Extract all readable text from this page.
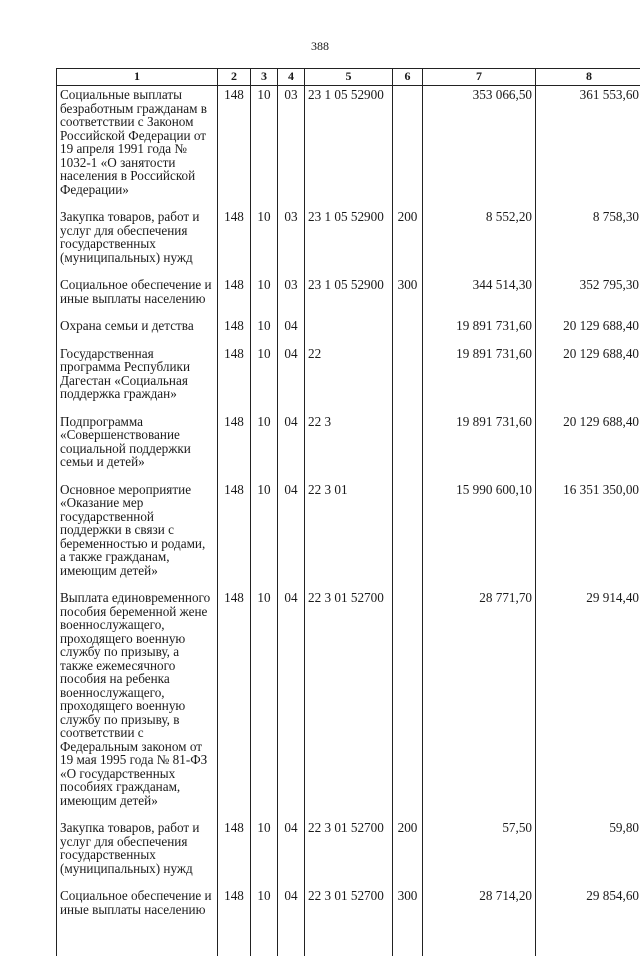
388
1	2	3	4	5	6	7	8
Социальные выплаты безработным гражданам в соответствии с Законом Российской Федерации от 19 апреля 1991 года № 1032-1 «О занятости населения в Российской Федерации»	148	10	03	23 1 05 52900		353 066,50	361 553,60
Закупка товаров, работ и услуг для обеспечения государственных (муниципальных) нужд	148	10	03	23 1 05 52900	200	8 552,20	8 758,30
Социальное обеспечение и иные выплаты населению	148	10	03	23 1 05 52900	300	344 514,30	352 795,30
Охрана семьи и детства	148	10	04			19 891 731,60	20 129 688,40
Государственная программа Республики Дагестан «Социальная поддержка граждан»	148	10	04	22		19 891 731,60	20 129 688,40
Подпрограмма «Совершенствование социальной поддержки семьи и детей»	148	10	04	22 3		19 891 731,60	20 129 688,40
Основное мероприятие «Оказание мер государственной поддержки в связи с беременностью и родами, а также гражданам, имеющим детей»	148	10	04	22 3 01		15 990 600,10	16 351 350,00
Выплата единовременного пособия беременной жене военнослужащего, проходящего военную службу по призыву, а также ежемесячного пособия на ребенка военнослужащего, проходящего военную службу по призыву, в соответствии с Федеральным законом от 19 мая 1995 года № 81-ФЗ «О государственных пособиях гражданам, имеющим детей»	148	10	04	22 3 01 52700		28 771,70	29 914,40
Закупка товаров, работ и услуг для обеспечения государственных (муниципальных) нужд	148	10	04	22 3 01 52700	200	57,50	59,80
Социальное обеспечение и иные выплаты населению	148	10	04	22 3 01 52700	300	28 714,20	29 854,60
